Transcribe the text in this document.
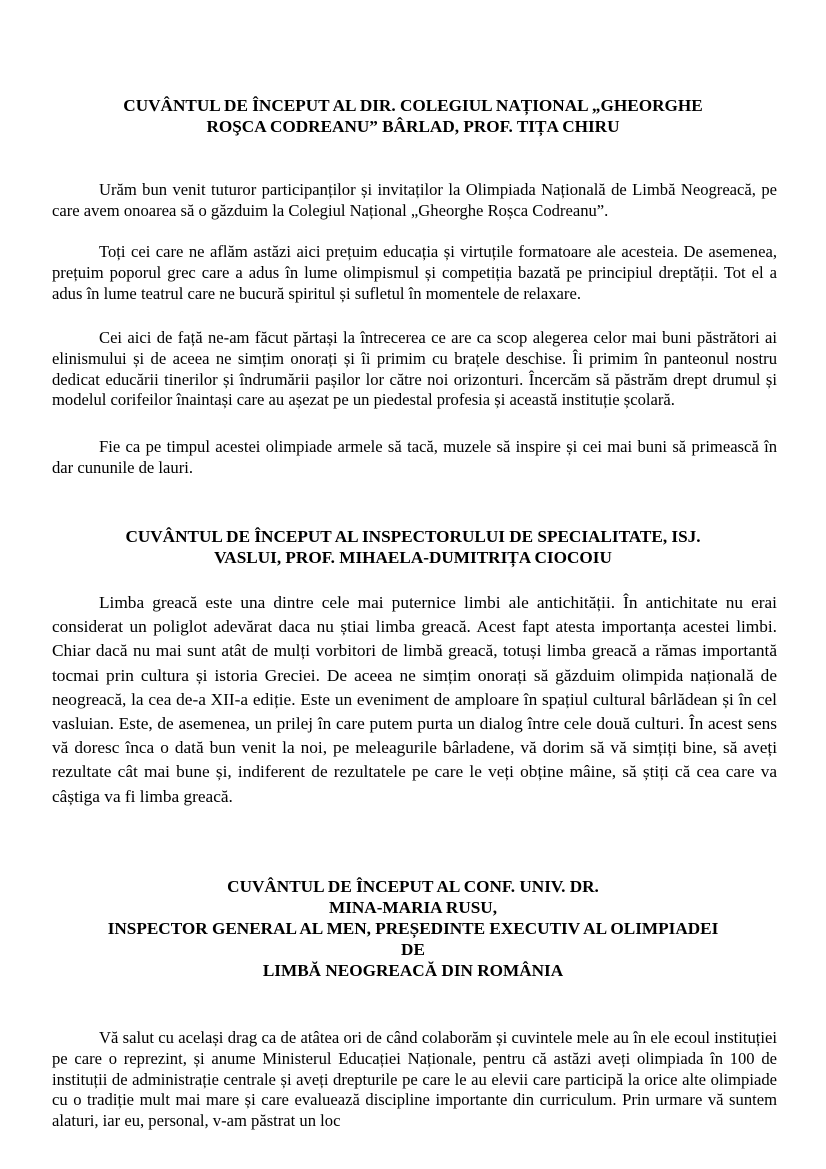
CUVÂNTUL DE ÎNCEPUT AL DIR. COLEGIUL NAȚIONAL „GHEORGHE
ROŞCA CODREANU” BÂRLAD, PROF. TIȚA CHIRU

Urăm bun venit tuturor participanților și invitaților la Olimpiada Națională de Limbă Neogreacă, pe care avem onoarea să o găzduim la Colegiul Național „Gheorghe Roșca Codreanu”.

Toți cei care ne aflăm astăzi aici prețuim educația și virtuțile formatoare ale acesteia. De asemenea, prețuim poporul grec care a adus în lume olimpismul și competiția bazată pe principiul dreptății. Tot el a adus în lume teatrul care ne bucură spiritul și sufletul în momentele de relaxare.

Cei aici de față ne-am făcut părtași la întrecerea ce are ca scop alegerea celor mai buni păstrători ai elinismului și de aceea ne simțim onorați și îi primim cu brațele deschise. Îi primim în panteonul nostru dedicat educării tinerilor și îndrumării pașilor lor către noi orizonturi. Încercăm să păstrăm drept drumul și modelul corifeilor înaintași care au așezat pe un piedestal profesia și această instituție școlară.

Fie ca pe timpul acestei olimpiade armele să tacă, muzele să inspire și cei mai buni să primească în dar cununile de lauri.

CUVÂNTUL DE ÎNCEPUT AL INSPECTORULUI DE SPECIALITATE, ISJ.
VASLUI, PROF. MIHAELA-DUMITRIȚA CIOCOIU

Limba greacă este una dintre cele mai puternice limbi ale antichității. În antichitate nu erai considerat un poliglot adevărat daca nu știai limba greacă. Acest fapt atesta importanța acestei limbi. Chiar dacă nu mai sunt atât de mulți vorbitori de limbă greacă, totuși limba greacă a rămas importantă tocmai prin cultura și istoria Greciei. De aceea ne simțim onorați să găzduim olimpida națională de neogreacă, la cea de-a XII-a ediție. Este un eveniment de amploare în spațiul cultural bârlădean și în cel vasluian. Este, de asemenea, un prilej în care putem purta un dialog între cele două culturi. În acest sens vă doresc înca o dată bun venit la noi, pe meleagurile bârladene, vă dorim să vă simțiți bine, să aveți rezultate cât mai bune și, indiferent de rezultatele pe care le veți obține mâine, să știți că cea care va câștiga va fi limba greacă.

CUVÂNTUL DE ÎNCEPUT AL CONF. UNIV. DR.
MINA-MARIA RUSU,
INSPECTOR GENERAL AL MEN, PREȘEDINTE EXECUTIV AL OLIMPIADEI
DE
LIMBĂ NEOGREACĂ DIN ROMÂNIA

Vă salut cu același drag ca de atâtea ori de când colaborăm și cuvintele mele au în ele ecoul instituției pe care o reprezint, și anume Ministerul Educației Naționale, pentru că astăzi aveți olimpiada în 100 de instituții de administrație centrale și aveți drepturile pe care le au elevii care participă la orice alte olimpiade cu o tradiție mult mai mare și care evaluează discipline importante din curriculum. Prin urmare vă suntem alaturi, iar eu, personal, v-am păstrat un loc
